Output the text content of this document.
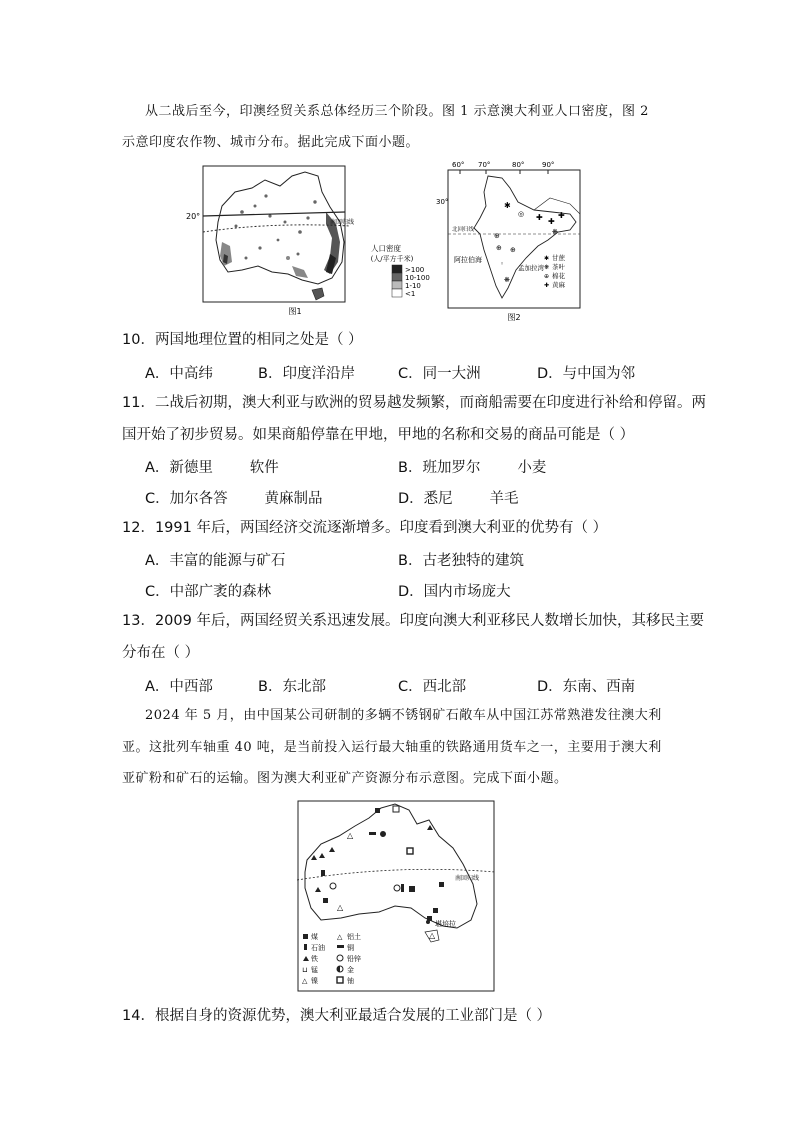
从二战后至今，印澳经贸关系总体经历三个阶段。图 1 示意澳大利亚人口密度，图 2
示意印度农作物、城市分布。据此完成下面小题。
20°
南回归线
人口密度
(人/平方千米)
>100
10-100
1-10
<1
图1
60° 70°	80°	90°
30°
北回归线
阿拉伯海
孟加拉湾
✱
◎ ✚ ✚
✚
❋
⊕ ⊕
⊕
❋
◦
甘蔗
茶叶
棉花
黄麻
✱
❋
⊕
✚
图2
10．两国地理位置的相同之处是（ ）
A．中高纬	B．印度洋沿岸	C．同一大洲	D．与中国为邻
11．二战后初期，澳大利亚与欧洲的贸易越发频繁，而商船需要在印度进行补给和停留。两
国开始了初步贸易。如果商船停靠在甲地，甲地的名称和交易的商品可能是（ ）
A．新德里        软件	B．班加罗尔        小麦
C．加尔各答        黄麻制品	D．悉尼        羊毛
12．1991 年后，两国经济交流逐渐增多。印度看到澳大利亚的优势有（ ）
A．丰富的能源与矿石	B．古老独特的建筑
C．中部广袤的森林	D．国内市场庞大
13．2009 年后，两国经贸关系迅速发展。印度向澳大利亚移民人数增长加快，其移民主要
分布在（ ）
A．中西部	B．东北部	C．西北部	D．东南、西南
2024 年 5 月，由中国某公司研制的多辆不锈钢矿石敞车从中国江苏常熟港发往澳大利
亚。这批列车轴重 40 吨，是当前投入运行最大轴重的铁路通用货车之一，主要用于澳大利
亚矿粉和矿石的运输。图为澳大利亚矿产资源分布示意图。完成下面小题。
南回归线
堪培拉
△
△
△
煤
石油
铁
⊔ 锰
△ 镍
△ 铝土
铜
铅锌
金
铀
14．根据自身的资源优势，澳大利亚最适合发展的工业部门是（ ）
